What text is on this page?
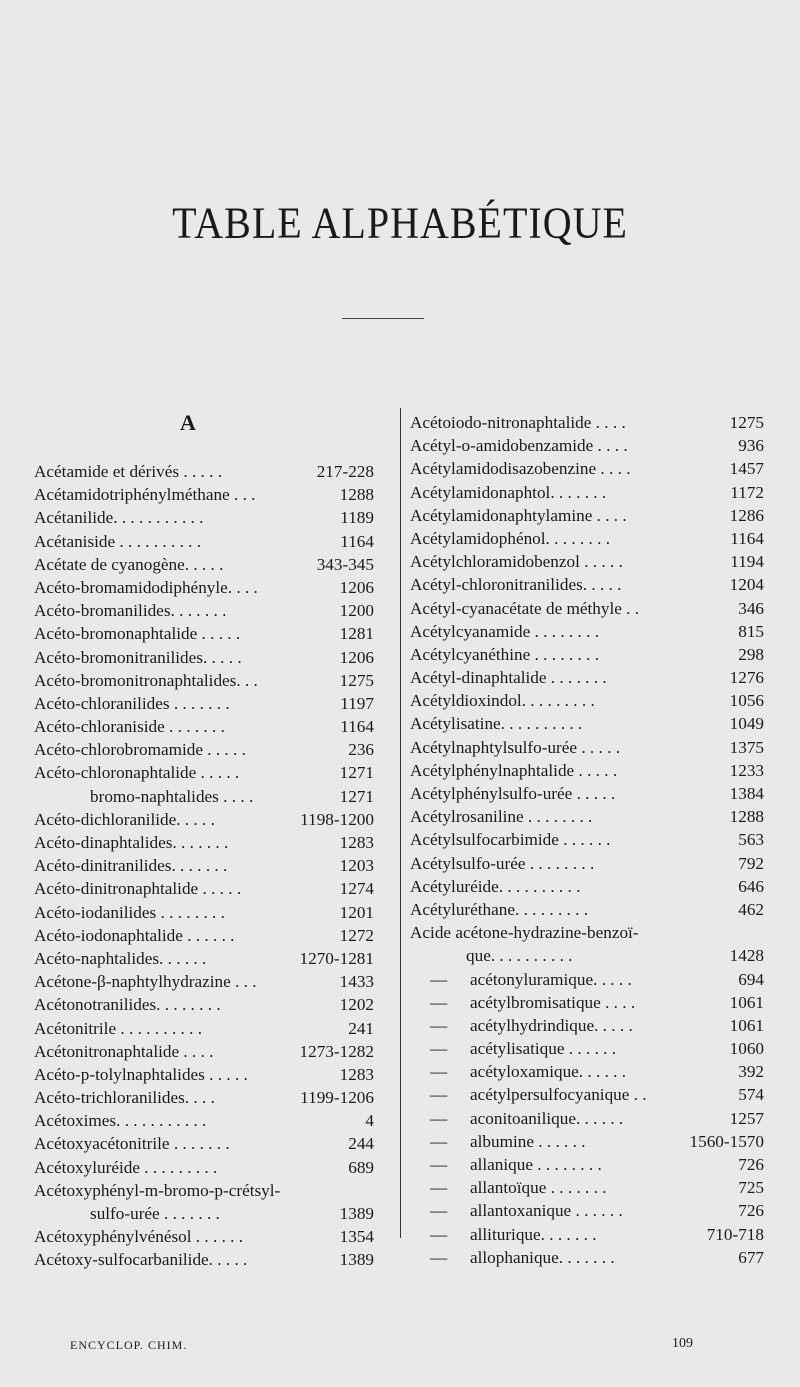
TABLE ALPHABÉTIQUE
A
Acétamide et dérivés . . . . .	217-228
Acétamidotriphénylméthane . . .	1288
Acétanilide. . . . . . . . . . .	1189
Acétaniside . . . . . . . . . .	1164
Acétate de cyanogène. . . . .	343-345
Acéto-bromamidodiphényle. . . .	1206
Acéto-bromanilides. . . . . . .	1200
Acéto-bromonaphtalide . . . . .	1281
Acéto-bromonitranilides. . . . .	1206
Acéto-bromonitronaphtalides. . .	1275
Acéto-chloranilides . . . . . . .	1197
Acéto-chloraniside . . . . . . .	1164
Acéto-chlorobromamide . . . . .	236
Acéto-chloronaphtalide . . . . .	1271
bromo-naphtalides . . . .	1271
Acéto-dichloranilide. . . . .	1198-1200
Acéto-dinaphtalides. . . . . . .	1283
Acéto-dinitranilides. . . . . . .	1203
Acéto-dinitronaphtalide . . . . .	1274
Acéto-iodanilides . . . . . . . .	1201
Acéto-iodonaphtalide . . . . . .	1272
Acéto-naphtalides. . . . . .	1270-1281
Acétone-β-naphtylhydrazine . . .	1433
Acétonotranilides. . . . . . . .	1202
Acétonitrile . . . . . . . . . .	241
Acétonitronaphtalide . . . .	1273-1282
Acéto-p-tolylnaphtalides . . . . .	1283
Acéto-trichloranilides. . . .	1199-1206
Acétoximes. . . . . . . . . . .	4
Acétoxyacétonitrile . . . . . . .	244
Acétoxyluréide . . . . . . . . .	689
Acétoxyphényl-m-bromo-p-crétsyl-
sulfo-urée . . . . . . .	1389
Acétoxyphénylvénésol . . . . . .	1354
Acétoxy-sulfocarbanilide. . . . .	1389
Acétoiodo-nitronaphtalide . . . .	1275
Acétyl-o-amidobenzamide . . . .	936
Acétylamidodisazobenzine . . . .	1457
Acétylamidonaphtol. . . . . . .	1172
Acétylamidonaphtylamine . . . .	1286
Acétylamidophénol. . . . . . . .	1164
Acétylchloramidobenzol . . . . .	1194
Acétyl-chloronitranilides. . . . .	1204
Acétyl-cyanacétate de méthyle . .	346
Acétylcyanamide . . . . . . . .	815
Acétylcyanéthine . . . . . . . .	298
Acétyl-dinaphtalide . . . . . . .	1276
Acétyldioxindol. . . . . . . . .	1056
Acétylisatine. . . . . . . . . .	1049
Acétylnaphtylsulfo-urée . . . . .	1375
Acétylphénylnaphtalide . . . . .	1233
Acétylphénylsulfo-urée . . . . .	1384
Acétylrosaniline . . . . . . . .	1288
Acétylsulfocarbimide . . . . . .	563
Acétylsulfo-urée . . . . . . . .	792
Acétyluréide. . . . . . . . . .	646
Acétyluréthane. . . . . . . . .	462
Acide acétone-hydrazine-benzoï-
que. . . . . . . . . .	1428
— acétonyluramique. . . . .	694
— acétylbromisatique . . . .	1061
— acétylhydrindique. . . . .	1061
— acétylisatique . . . . . .	1060
— acétyloxamique. . . . . .	392
— acétylpersulfocyanique . .	574
— aconitoanilique. . . . . .	1257
— albumine . . . . . .	1560-1570
— allanique . . . . . . . .	726
— allantoïque . . . . . . .	725
— allantoxanique . . . . . .	726
— alliturique. . . . . . .	710-718
— allophanique. . . . . . .	677
ENCYCLOP. CHIM.	109
